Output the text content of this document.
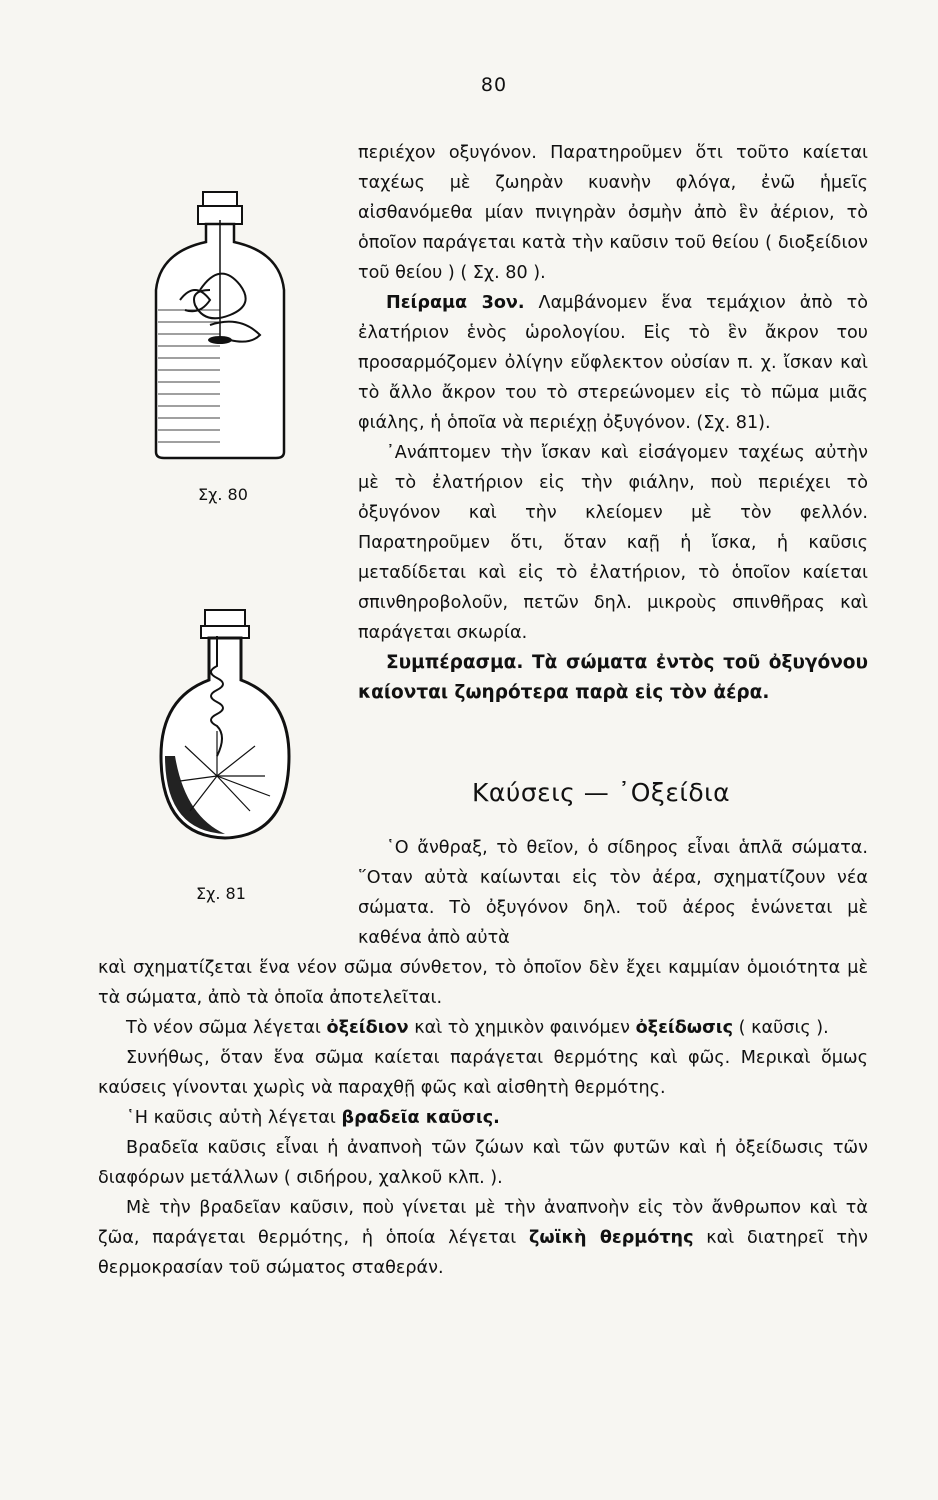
80
Σχ. 80
Σχ. 81

περιέχον οξυγόνον. Παρατηροῦμεν ὅτι τοῦτο καίεται ταχέως μὲ ζωηρὰν κυανὴν φλόγα, ἐνῶ ἡμεῖς αἰσθανόμεθα μίαν πνιγηρὰν ὀσμὴν ἀπὸ ἓν ἀέριον, τὸ ὁποῖον παράγεται κατὰ τὴν καῦσιν τοῦ θείου ( διοξείδιον τοῦ θείου ) ( Σχ. 80 ).

Πείραμα 3ον. Λαμβάνομεν ἕνα τεμάχιον ἀπὸ τὸ ἐλατήριον ἑνὸς ὡρολογίου. Εἰς τὸ ἓν ἄκρον του προσαρμόζομεν ὀλίγην εὔφλεκτον οὐσίαν π. χ. ἴσκαν καὶ τὸ ἄλλο ἄκρον του τὸ στερεώνομεν εἰς τὸ πῶμα μιᾶς φιάλης, ἡ ὁποῖα νὰ περιέχῃ ὀξυγόνον. (Σχ. 81).

᾿Ανάπτομεν τὴν ἴσκαν καὶ εἰσάγομεν ταχέως αὐτὴν μὲ τὸ ἐλατήριον εἰς τὴν φιάλην, ποὺ περιέχει τὸ ὀξυγόνον καὶ τὴν κλείομεν μὲ τὸν φελλόν. Παρατηροῦμεν ὅτι, ὅταν καῇ ἡ ἴσκα, ἡ καῦσις μεταδίδεται καὶ εἰς τὸ ἐλατήριον, τὸ ὁποῖον καίεται σπινθηροβολοῦν, πετῶν δηλ. μικροὺς σπινθῆρας καὶ παράγεται σκωρία.

Συμπέρασμα. Τὰ σώματα ἐντὸς τοῦ ὀξυγόνου καίονται ζωηρότερα παρὰ εἰς τὸν ἀέρα.

Καύσεις — ᾿Οξείδια

῾Ο ἄνθραξ, τὸ θεῖον, ὁ σίδηρος εἶναι ἁπλᾶ σώματα. ῞Οταν αὐτὰ καίωνται εἰς τὸν ἀέρα, σχηματίζουν νέα σώματα. Τὸ ὀξυγόνον δηλ. τοῦ ἀέρος ἑνώνεται μὲ καθένα ἀπὸ αὐτὰ

καὶ σχηματίζεται ἕνα νέον σῶμα σύνθετον, τὸ ὁποῖον δὲν ἔχει καμμίαν ὁμοιότητα μὲ τὰ σώματα, ἀπὸ τὰ ὁποῖα ἀποτελεῖται.

Τὸ νέον σῶμα λέγεται ὀξείδιον καὶ τὸ χημικὸν φαινόμεν ὀξείδωσις ( καῦσις ).

Συνήθως, ὅταν ἕνα σῶμα καίεται παράγεται θερμότης καὶ φῶς. Μερικαὶ ὅμως καύσεις γίνονται χωρὶς νὰ παραχθῇ φῶς καὶ αἰσθητὴ θερμότης.

῾Η καῦσις αὐτὴ λέγεται βραδεῖα καῦσις.

Βραδεῖα καῦσις εἶναι ἡ ἀναπνοὴ τῶν ζώων καὶ τῶν φυτῶν καὶ ἡ ὀξείδωσις τῶν διαφόρων μετάλλων ( σιδήρου, χαλκοῦ κλπ. ).

Μὲ τὴν βραδεῖαν καῦσιν, ποὺ γίνεται μὲ τὴν ἀναπνοὴν εἰς τὸν ἄνθρωπον καὶ τὰ ζῶα, παράγεται θερμότης, ἡ ὁποία λέγεται ζωϊκὴ θερμότης καὶ διατηρεῖ τὴν θερμοκρασίαν τοῦ σώματος σταθεράν.
